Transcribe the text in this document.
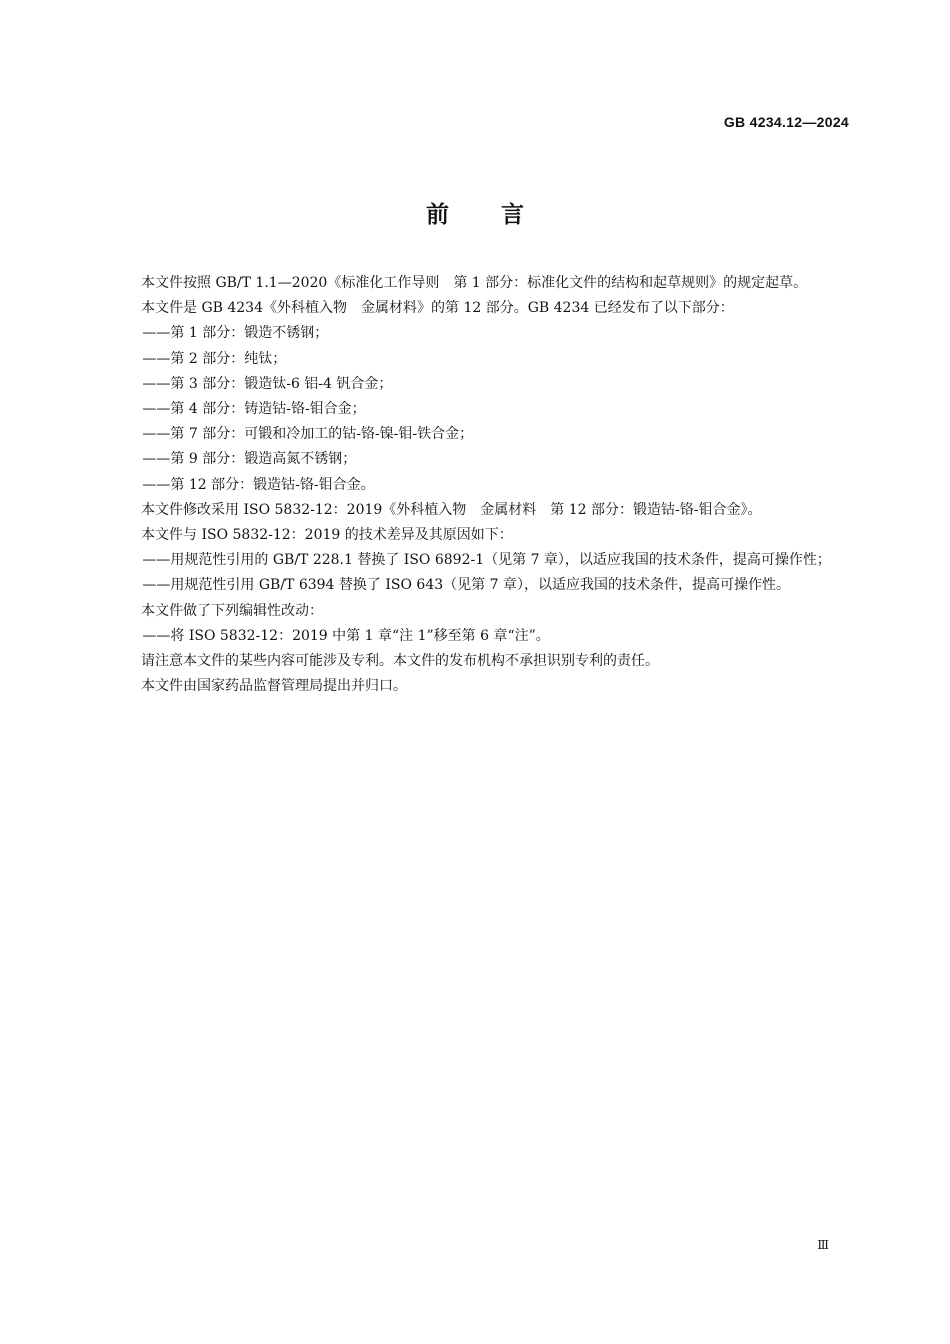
GB 4234.12—2024
前言
本文件按照 GB/T 1.1—2020《标准化工作导则　第 1 部分：标准化文件的结构和起草规则》的规定起草。
本文件是 GB 4234《外科植入物　金属材料》的第 12 部分。GB 4234 已经发布了以下部分：
——第 1 部分：锻造不锈钢；
——第 2 部分：纯钛；
——第 3 部分：锻造钛-6 铝-4 钒合金；
——第 4 部分：铸造钴-铬-钼合金；
——第 7 部分：可锻和冷加工的钴-铬-镍-钼-铁合金；
——第 9 部分：锻造高氮不锈钢；
——第 12 部分：锻造钴-铬-钼合金。
本文件修改采用 ISO 5832-12：2019《外科植入物　金属材料　第 12 部分：锻造钴-铬-钼合金》。
本文件与 ISO 5832-12：2019 的技术差异及其原因如下：
——用规范性引用的 GB/T 228.1 替换了 ISO 6892-1（见第 7 章），以适应我国的技术条件，提高可操作性；
——用规范性引用 GB/T 6394 替换了 ISO 643（见第 7 章），以适应我国的技术条件，提高可操作性。
本文件做了下列编辑性改动：
——将 ISO 5832-12：2019 中第 1 章“注 1”移至第 6 章“注”。
请注意本文件的某些内容可能涉及专利。本文件的发布机构不承担识别专利的责任。
本文件由国家药品监督管理局提出并归口。
Ⅲ
